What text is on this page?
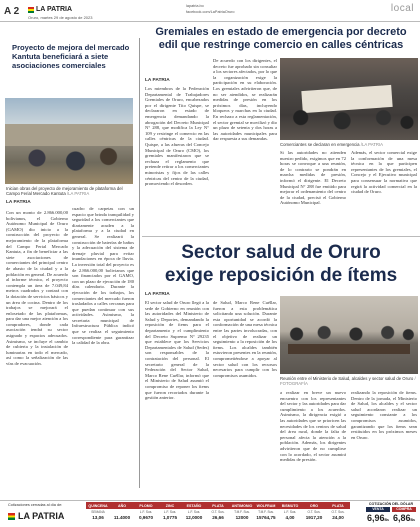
A 2 LA PATRIA
Oruro, martes 29 de agosto de 2023
lapatria.bo
facebook.com/LaPatriaOruro	local
Proyecto de mejora del mercado Kantuta beneficiará a siete asociaciones comerciales
Inician obras del proyecto de mejoramiento de plataforma del Campo Ferial Mercado Kantuta /LA PATRIA
LA PATRIA
Con un monto de 2.866.000,00 bolivianos, el Gobierno Autónomo Municipal de Oruro (GAMO) dio inicio a la construcción del proyecto de mejoramiento de la plataforma del Campo Ferial Mercado Kantuta, a fin de beneficiar a las siete asociaciones de comerciantes del principal centro de abasto de la ciudad y a la población en general. De acuerdo al informe técnico, el proyecto contempla un área de 7.049,84 metros cuadrados y contará con la dotación de servicios básicos y un área de cocina. Dentro de los trabajos se mejorará el enlosetado de las plataformas, para dar una mejor atención a los compradores, donde cada asociación tendrá su sector asignado y espacios adecuados. Asimismo, se incluye el cambio de cubierta y la instalación de luminarias en todo el mercado, así como la señalización de las vías de evacuación.
cuadro de carpetas con un espacio que brinda tranquilidad y seguridad a los comerciantes que diariamente acuden a la plataforma y a la ciudad en general. Se realizará la construcción de baterías de baños y la adecuación del sistema de drenaje pluvial para evitar inundaciones en época de lluvia. La inversión total del proyecto es de 2.866.000,00 bolivianos que son financiados por el GAMO, con un plazo de ejecución de 180 días calendario. Durante la ejecución de los trabajos, los comerciantes del mercado fueron trasladados a calles cercanas para que puedan continuar con sus actividades. Asimismo, la secretaria municipal de Infraestructura Pública indicó que se realiza el seguimiento correspondiente para garantizar la calidad de la obra.
Gremiales en estado de emergencia por decreto edil que restringe comercio en calles céntricas
LA PATRIA
Los miembros de la Federación Departamental de Trabajadores Gremiales de Oruro, encabezados por el dirigente Tito Quispe, se declararon en estado de emergencia demandando la abrogación del Decreto Municipal N° 288, que modifica la Ley N° 109 y restringe el comercio en las calles céntricas de la ciudad. Quispe, a las afueras del Concejo Municipal de Oruro (CMO), los gremiales manifestaron que se rechaza el reglamento que pretende retirar a los comerciantes minoristas y fijos de las calles céntricas del centro de la ciudad, promoviendo el desorden.
De acuerdo con los dirigentes, el decreto fue aprobado sin consultar a los sectores afectados, por lo que la organización exige la participación en su elaboración. Los gremiales advirtieron que, de no ser atendidos, se realizarán medidas de presión en los próximos días, incluyendo bloqueos y marchas en la ciudad. En rechazo a esta reglamentación, el sector gremial se movilizó y dio un plazo de setenta y dos horas a las autoridades municipales para dar respuesta a sus demandas.
Comerciantes se declaran en emergencia /LA PATRIA
Si las autoridades no atienden nuestro pedido, exigimos que en 72 horas se convoque a una reunión, de lo contrario se pondrán en marcha medidas de presión, informó el dirigente. El Decreto Municipal N° 288 fue emitido para mejorar el ordenamiento del centro de la ciudad, precisó el Gobierno Autónomo Municipal.
Además, el sector comercial exige la conformación de una mesa técnica en la que participen representantes de los gremiales, el Concejo y el Ejecutivo municipal para consensuar la normativa que regirá la actividad comercial en la ciudad de Oruro.
Sector salud de Oruro
exige reposición de ítems
LA PATRIA
El sector salud de Oruro llegó a la sede de Gobierno en reunión con las autoridades del Ministerio de Salud y Deportes, demandando la reposición de ítems para el departamento y el cumplimiento del Decreto Supremo N° 29235 que establece que los Servicios Departamentales de Salud (Sedes) son responsables de la contratación del personal. El secretario general de la Federación del Sector Salud, Marco Rene Cuéllar, informó que el Ministerio de Salud asumió el compromiso de reponer los ítems que fueron recortados durante la gestión anterior.
de Salud, Marco Rene Cuéllar, fueron a esta problemática solicitando una solución. Durante esta oportunidad se acordó la conformación de una mesa técnica entre las partes involucradas, con el objetivo de realizar un seguimiento a la reposición de los ítems. Los alcaldes también estuvieron presentes en la reunión, comprometiéndose a apoyar al sector salud con los recursos necesarios para cumplir con los compromisos asumidos.
Reunión entre el Ministerio de Salud, alcaldes y sector salud de Oruro / FOTOGRAFÍA
a realizar en breve un nuevo encuentro con los representantes del sector y las autoridades para dar cumplimiento a los acuerdos. Asimismo, la dirigencia exigió a las autoridades que se prioricen las necesidades de los centros de salud del área rural, donde la falta de personal afecta la atención a la población. Además, los dirigentes advirtieron que de no cumplirse con lo acordado, el sector asumirá medidas de presión.
realizando la reposición de ítems. Dentro de la jornada, el Ministerio de Salud, los alcaldes y el sector salud acordaron realizar un seguimiento constante a los compromisos asumidos, garantizando que los ítems sean restituidos en los próximos meses en Oruro.
Cotizaciones cerradas al día de:
LA PATRIA
QUINCENA	AÑO	PLOMO	ZINC	ESTAÑO	PLATA	ANTIMONIO	WOLFRAM	BISMUTO	ORO	PLATA
SEMANA		L.F. Sus.	L.F. Sus.	L.F. Sus.	O.T. Sus.	T.M.F. Sus.	T.M.F. Sus.	L.F. Sus.	O.T. Sus.	O.T. Sus.
13,06	11.4000	0,9670	1,0775	12,0000	26,66	12000	15764,75	4,00	1917,20	24,00
COTIZACIÓN DEL DÓLAR
VENTA	COMPRA
6,96Bs 6,86Bs
